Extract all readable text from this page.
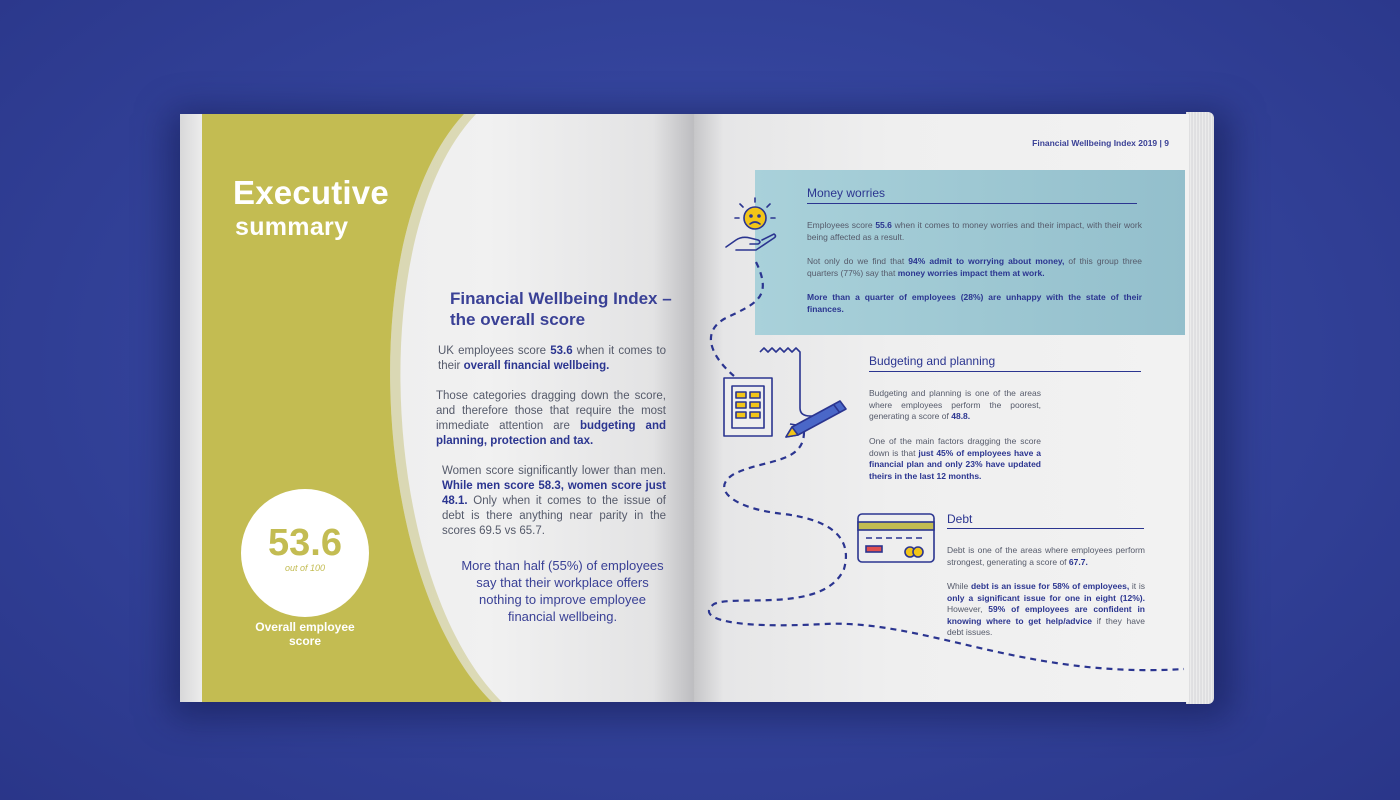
Executive
summary
53.6
out of 100
Overall employee score
Financial Wellbeing Index – the overall score
UK employees score 53.6 when it comes to their overall financial wellbeing.
Those categories dragging down the score, and therefore those that require the most immediate attention are budgeting and planning, protection and tax.
Women score significantly lower than men. While men score 58.3, women score just 48.1. Only when it comes to the issue of debt is there anything near parity in the scores 69.5 vs 65.7.
More than half (55%) of employees say that their workplace offers nothing to improve employee financial wellbeing.
Financial Wellbeing Index 2019 | 9
Money worries
Employees score 55.6 when it comes to money worries and their impact, with their work being affected as a result.
Not only do we find that 94% admit to worrying about money, of this group three quarters (77%) say that money worries impact them at work.
More than a quarter of employees (28%) are unhappy with the state of their finances.
Budgeting and planning
Budgeting and planning is one of the areas where employees perform the poorest, generating a score of 48.8.
One of the main factors dragging the score down is that just 45% of employees have a financial plan and only 23% have updated theirs in the last 12 months.
Debt
Debt is one of the areas where employees perform strongest, generating a score of 67.7.
While debt is an issue for 58% of employees, it is only a significant issue for one in eight (12%). However, 59% of employees are confident in knowing where to get help/advice if they have debt issues.
